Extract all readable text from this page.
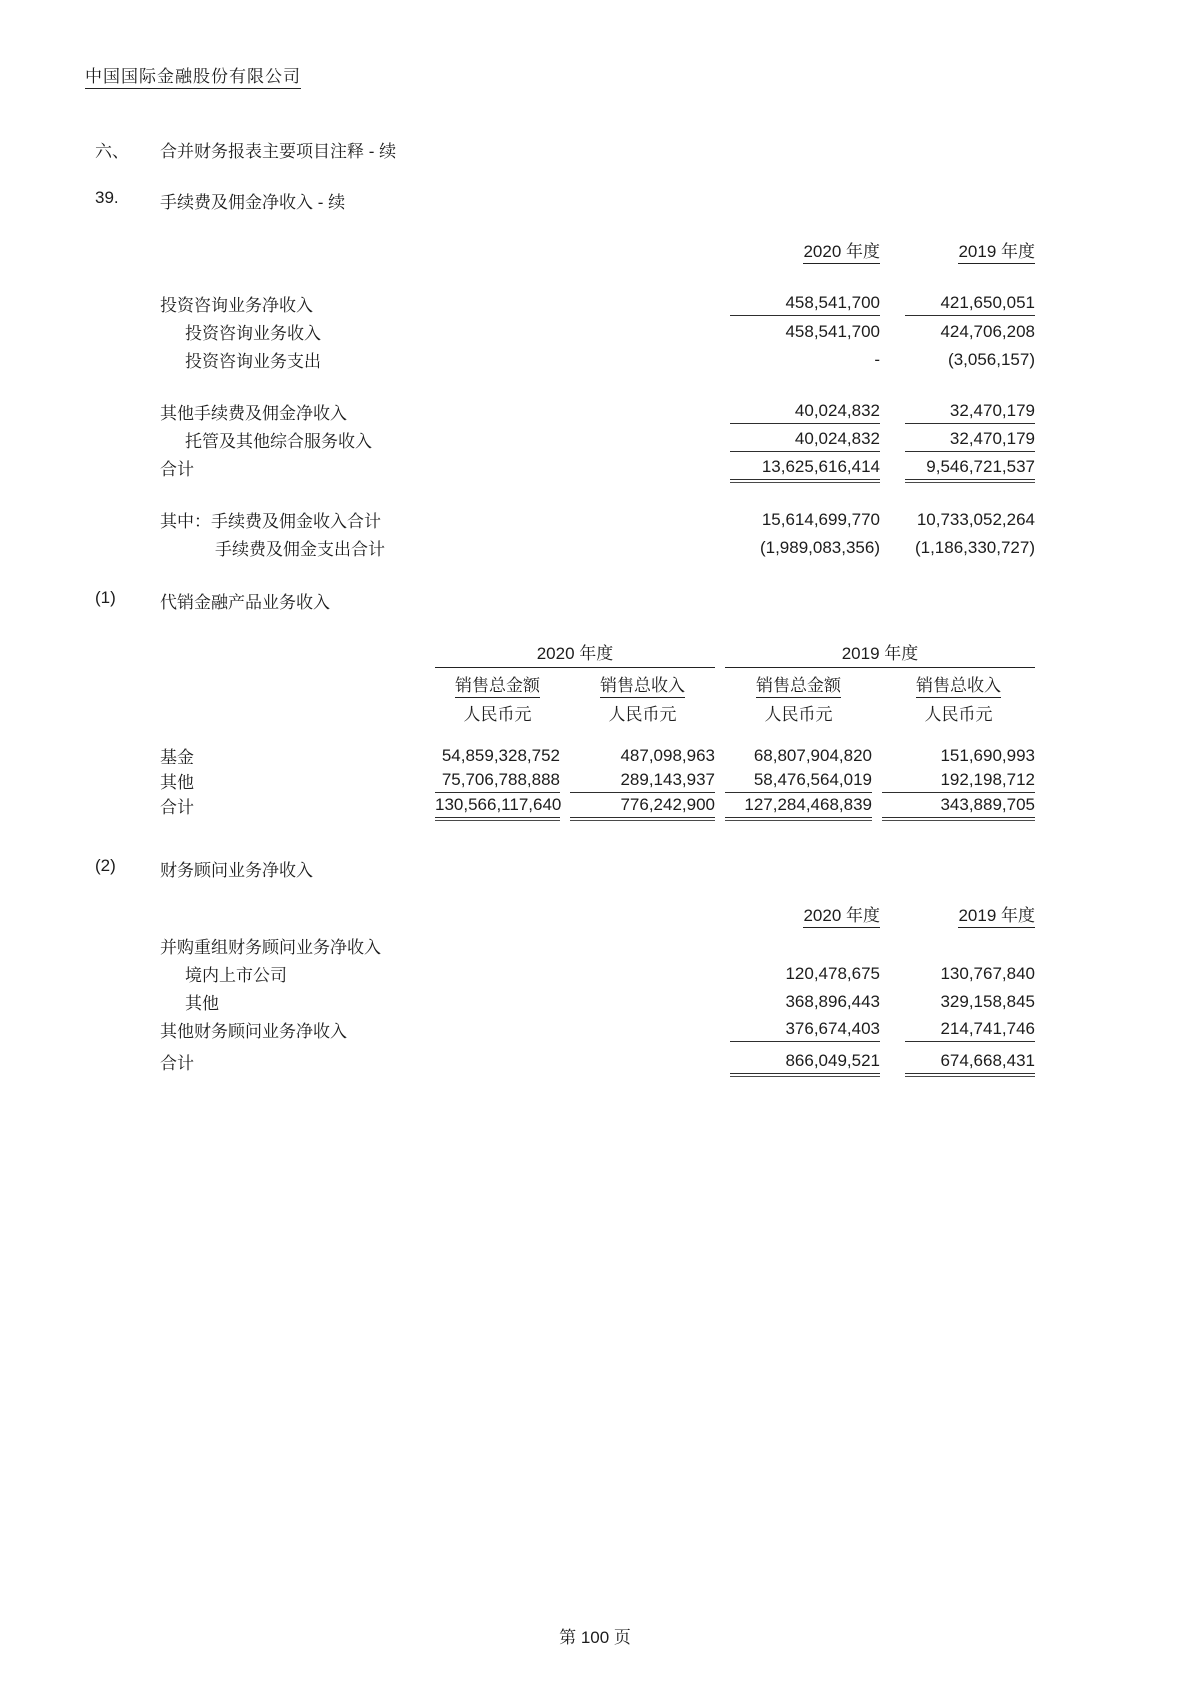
中国国际金融股份有限公司
六、	合并财务报表主要项目注释 - 续
39.	手续费及佣金净收入 - 续
2020 年度	2019 年度
投资咨询业务净收入	458,541,700	421,650,051
投资咨询业务收入	458,541,700	424,706,208
投资咨询业务支出	-	(3,056,157)
其他手续费及佣金净收入	40,024,832	32,470,179
托管及其他综合服务收入	40,024,832	32,470,179
合计	13,625,616,414	9,546,721,537
其中：手续费及佣金收入合计	15,614,699,770	10,733,052,264
手续费及佣金支出合计	(1,989,083,356)	(1,186,330,727)
(1)	代销金融产品业务收入
2020 年度	2019 年度
销售总金额	销售总收入	销售总金额	销售总收入
人民币元	人民币元	人民币元	人民币元
基金	54,859,328,752	487,098,963	68,807,904,820	151,690,993
其他	75,706,788,888	289,143,937	58,476,564,019	192,198,712
合计	130,566,117,640	776,242,900	127,284,468,839	343,889,705
(2)	财务顾问业务净收入
2020 年度	2019 年度
并购重组财务顾问业务净收入
境内上市公司	120,478,675	130,767,840
其他	368,896,443	329,158,845
其他财务顾问业务净收入	376,674,403	214,741,746
合计	866,049,521	674,668,431
第 100 页
